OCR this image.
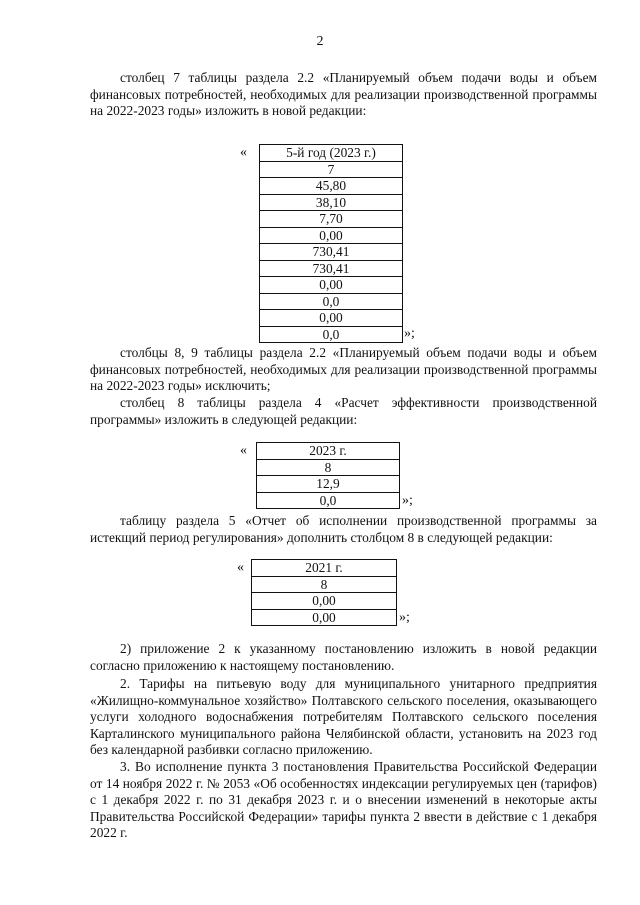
2

столбец 7 таблицы раздела 2.2 «Планируемый объем подачи воды и объем финансовых потребностей, необходимых для реализации производственной программы на 2022-2023 годы» изложить в новой редакции:

«	5-й год (2023 г.)
7
45,80
38,10
7,70
0,00
730,41
730,41
0,00
0,0
0,00
0,0	»;

столбцы 8, 9 таблицы раздела 2.2 «Планируемый объем подачи воды и объем финансовых потребностей, необходимых для реализации производственной программы на 2022-2023 годы» исключить;

столбец 8 таблицы раздела 4 «Расчет эффективности производственной программы» изложить в следующей редакции:

«	2023 г.
8
12,9
0,0	»;

таблицу раздела 5 «Отчет об исполнении производственной программы за истекщий период регулирования» дополнить столбцом 8 в следующей редакции:

«	2021 г.
8
0,00
0,00	»;

2) приложение 2 к указанному постановлению изложить в новой редакции согласно приложению к настоящему постановлению.

2. Тарифы на питьевую воду для муниципального унитарного предприятия «Жилищно-коммунальное хозяйство» Полтавского сельского поселения, оказывающего услуги холодного водоснабжения потребителям Полтавского сельского поселения Карталинского муниципального района Челябинской области, установить на 2023 год без календарной разбивки согласно приложению.

3. Во исполнение пункта 3 постановления Правительства Российской Федерации от 14 ноября 2022 г. № 2053 «Об особенностях индексации регулируемых цен (тарифов) с 1 декабря 2022 г. по 31 декабря 2023 г. и о внесении изменений в некоторые акты Правительства Российской Федерации» тарифы пункта 2 ввести в действие с 1 декабря 2022 г.
